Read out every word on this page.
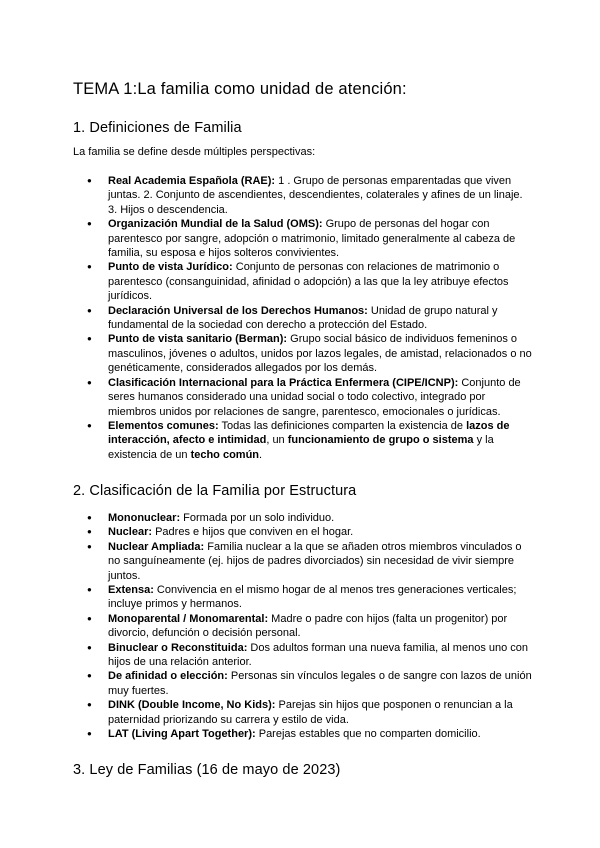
TEMA 1:La familia como unidad de atención:
1. Definiciones de Familia

La familia se define desde múltiples perspectivas:

● Real Academia Española (RAE): 1 . Grupo de personas emparentadas que viven juntas. 2. Conjunto de ascendientes, descendientes, colaterales y afines de un linaje. 3. Hijos o descendencia.
● Organización Mundial de la Salud (OMS): Grupo de personas del hogar con parentesco por sangre, adopción o matrimonio, limitado generalmente al cabeza de familia, su esposa e hijos solteros convivientes.
● Punto de vista Jurídico: Conjunto de personas con relaciones de matrimonio o parentesco (consanguinidad, afinidad o adopción) a las que la ley atribuye efectos jurídicos.
● Declaración Universal de los Derechos Humanos: Unidad de grupo natural y fundamental de la sociedad con derecho a protección del Estado.
● Punto de vista sanitario (Berman): Grupo social básico de individuos femeninos o masculinos, jóvenes o adultos, unidos por lazos legales, de amistad, relacionados o no genéticamente, considerados allegados por los demás.
● Clasificación Internacional para la Práctica Enfermera (CIPE/ICNP): Conjunto de seres humanos considerado una unidad social o todo colectivo, integrado por miembros unidos por relaciones de sangre, parentesco, emocionales o jurídicas.
● Elementos comunes: Todas las definiciones comparten la existencia de lazos de interacción, afecto e intimidad, un funcionamiento de grupo o sistema y la existencia de un techo común.
2. Clasificación de la Familia por Estructura
● Mononuclear: Formada por un solo individuo.
● Nuclear: Padres e hijos que conviven en el hogar.
● Nuclear Ampliada: Familia nuclear a la que se añaden otros miembros vinculados o no sanguíneamente (ej. hijos de padres divorciados) sin necesidad de vivir siempre juntos.
● Extensa: Convivencia en el mismo hogar de al menos tres generaciones verticales; incluye primos y hermanos.
● Monoparental / Monomarental: Madre o padre con hijos (falta un progenitor) por divorcio, defunción o decisión personal.
● Binuclear o Reconstituida: Dos adultos forman una nueva familia, al menos uno con hijos de una relación anterior.
● De afinidad o elección: Personas sin vínculos legales o de sangre con lazos de unión muy fuertes.
● DINK (Double Income, No Kids): Parejas sin hijos que posponen o renuncian a la paternidad priorizando su carrera y estilo de vida.
● LAT (Living Apart Together): Parejas estables que no comparten domicilio.
3. Ley de Familias (16 de mayo de 2023)
